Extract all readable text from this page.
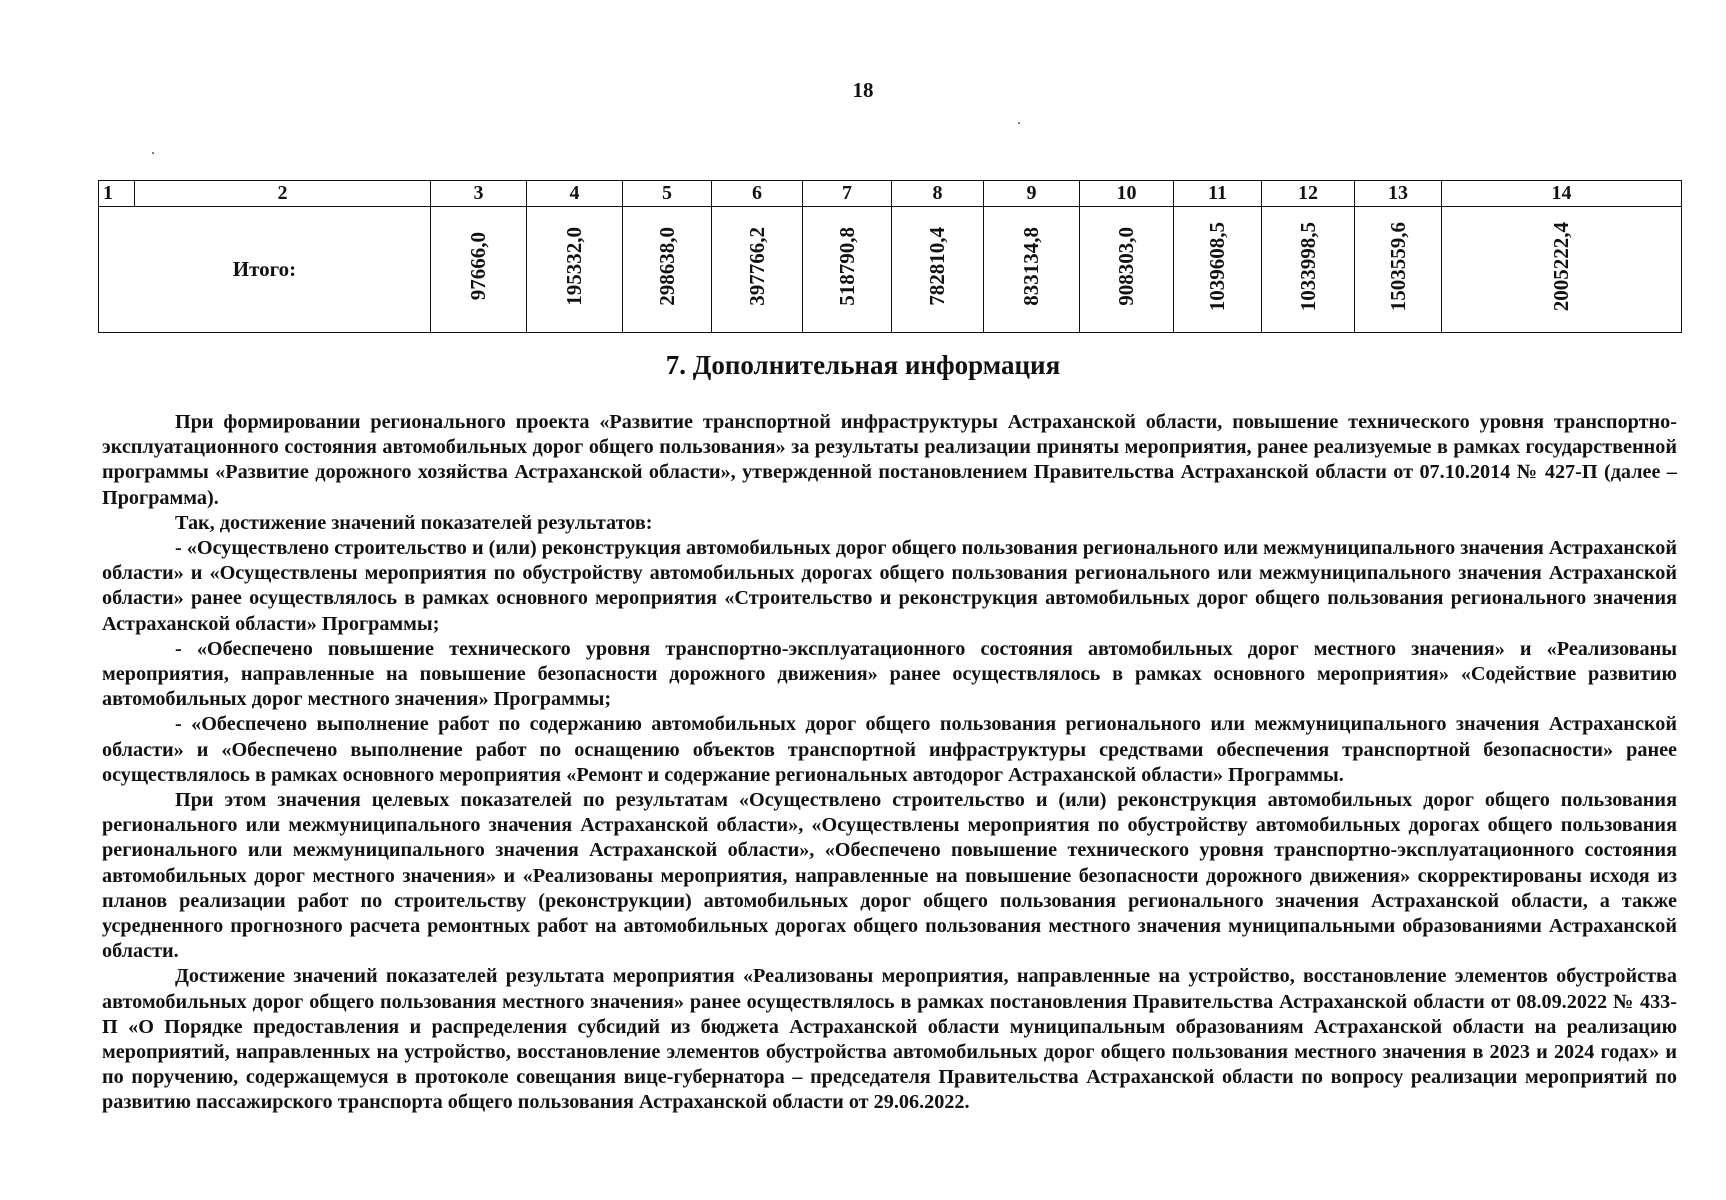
18
1	2	3	4	5	6	7	8	9	10	11	12	13	14
Итого:		97666,0	195332,0	298638,0	397766,2	518790,8	782810,4	833134,8	908303,0	1039608,5	1033998,5	1503559,6	2005222,4
7. Дополнительная информация

При формировании регионального проекта «Развитие транспортной инфраструктуры Астраханской области, повышение технического уровня транспортно-эксплуатационного состояния автомобильных дорог общего пользования» за результаты реализации приняты мероприятия, ранее реализуемые в рамках государственной программы «Развитие дорожного хозяйства Астраханской области», утвержденной постановлением Правительства Астраханской области от 07.10.2014 № 427-П (далее – Программа).

Так, достижение значений показателей результатов:

- «Осуществлено строительство и (или) реконструкция автомобильных дорог общего пользования регионального или межмуниципального значения Астраханской области» и «Осуществлены мероприятия по обустройству автомобильных дорогах общего пользования регионального или межмуниципального значения Астраханской области» ранее осуществлялось в рамках основного мероприятия «Строительство и реконструкция автомобильных дорог общего пользования регионального значения Астраханской области» Программы;

- «Обеспечено повышение технического уровня транспортно-эксплуатационного состояния автомобильных дорог местного значения» и «Реализованы мероприятия, направленные на повышение безопасности дорожного движения» ранее осуществлялось в рамках основного мероприятия» «Содействие развитию автомобильных дорог местного значения» Программы;

- «Обеспечено выполнение работ по содержанию автомобильных дорог общего пользования регионального или межмуниципального значения Астраханской области» и «Обеспечено выполнение работ по оснащению объектов транспортной инфраструктуры средствами обеспечения транспортной безопасности» ранее осуществлялось в рамках основного мероприятия «Ремонт и содержание региональных автодорог Астраханской области» Программы.

При этом значения целевых показателей по результатам «Осуществлено строительство и (или) реконструкция автомобильных дорог общего пользования регионального или межмуниципального значения Астраханской области», «Осуществлены мероприятия по обустройству автомобильных дорогах общего пользования регионального или межмуниципального значения Астраханской области», «Обеспечено повышение технического уровня транспортно-эксплуатационного состояния автомобильных дорог местного значения» и «Реализованы мероприятия, направленные на повышение безопасности дорожного движения» скорректированы исходя из планов реализации работ по строительству (реконструкции) автомобильных дорог общего пользования регионального значения Астраханской области, а также усредненного прогнозного расчета ремонтных работ на автомобильных дорогах общего пользования местного значения муниципальными образованиями Астраханской области.

Достижение значений показателей результата мероприятия «Реализованы мероприятия, направленные на устройство, восстановление элементов обустройства автомобильных дорог общего пользования местного значения» ранее осуществлялось в рамках постановления Правительства Астраханской области от 08.09.2022 № 433-П «О Порядке предоставления и распределения субсидий из бюджета Астраханской области муниципальным образованиям Астраханской области на реализацию мероприятий, направленных на устройство, восстановление элементов обустройства автомобильных дорог общего пользования местного значения в 2023 и 2024 годах» и по поручению, содержащемуся в протоколе совещания вице-губернатора – председателя Правительства Астраханской области по вопросу реализации мероприятий по развитию пассажирского транспорта общего пользования Астраханской области от 29.06.2022.
